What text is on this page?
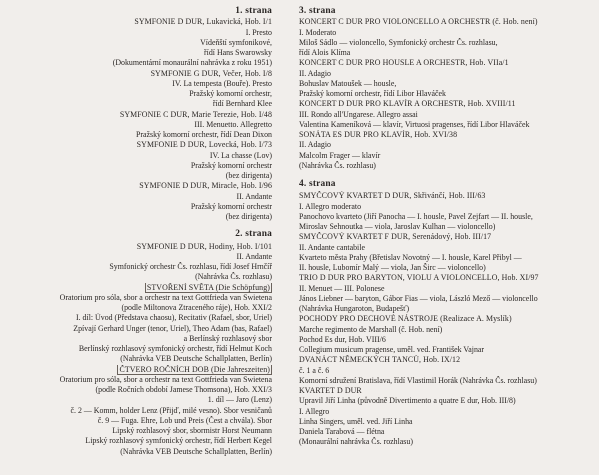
1. strana
SYMFONIE D DUR, Lukavická, Hob. I/1
I. Presto
Vídeňští symfonikové,
řídí Hans Swarowsky
(Dokumentární monaurální nahrávka z roku 1951)
SYMFONIE G DUR, Večer, Hob. I/8
IV. La tempesta (Bouře). Presto
Pražský komorní orchestr,
řídí Bernhard Klee
SYMFONIE C DUR, Marie Terezie, Hob. I/48
III. Menuetto. Allegretto
Pražský komorní orchestr, řídí Dean Dixon
SYMFONIE D DUR, Lovecká, Hob. I/73
IV. La chasse (Lov)
Pražský komorní orchestr
(bez dirigenta)
SYMFONIE D DUR, Miracle, Hob. I/96
II. Andante
Pražský komorní orchestr
(bez dirigenta)
2. strana
SYMFONIE D DUR, Hodiny, Hob. I/101
II. Andante
Symfonický orchestr Čs. rozhlasu, řídí Josef Hrnčíř
(Nahrávka Čs. rozhlasu)
STVOŘENÍ SVĚTA (Die Schöpfung)
Oratorium pro sóla, sbor a orchestr na text Gottfrieda van Swietena
(podle Miltonova Ztraceného ráje), Hob. XXI/2
I. díl: Úvod (Představa chaosu), Recitativ (Rafael, sbor, Uriel)
Zpívají Gerhard Unger (tenor, Uriel), Theo Adam (bas, Rafael)
a Berlínský rozhlasový sbor
Berlínský rozhlasový symfonický orchestr, řídí Helmut Koch
(Nahrávka VEB Deutsche Schallplatten, Berlín)
ČTVERO ROČNÍCH DOB (Die Jahreszeiten)
Oratorium pro sóla, sbor a orchestr na text Gottfrieda van Swietena
(podle Ročních období Jamese Thomsona), Hob. XXI/3
1. díl — Jaro (Lenz)
č. 2 — Komm, holder Lenz (Přijď, milé vesno). Sbor vesničanů
č. 9 — Fuga. Ehre, Lob und Preis (Čest a chvála). Sbor
Lipský rozhlasový sbor, sbormistr Horst Neumann
Lipský rozhlasový symfonický orchestr, řídí Herbert Kegel
(Nahrávka VEB Deutsche Schallplatten, Berlín)
3. strana
KONCERT C DUR PRO VIOLONCELLO A ORCHESTR (č. Hob. není)
I. Moderato
Miloš Sádlo — violoncello, Symfonický orchestr Čs. rozhlasu,
řídí Alois Klíma
KONCERT C DUR PRO HOUSLE A ORCHESTR, Hob. VIIa/1
II. Adagio
Bohuslav Matoušek — housle,
Pražský komorní orchestr, řídí Libor Hlaváček
KONCERT D DUR PRO KLAVÍR A ORCHESTR, Hob. XVIII/11
III. Rondo all'Ungarese. Allegro assai
Valentina Kameníková — klavír, Virtuosi pragenses, řídí Libor Hlaváček
SONÁTA ES DUR PRO KLAVÍR, Hob. XVI/38
II. Adagio
Malcolm Frager — klavír
(Nahrávka Čs. rozhlasu)
4. strana
SMYČCOVÝ KVARTET D DUR, Skřivánčí, Hob. III/63
I. Allegro moderato
Panochovo kvarteto (Jiří Panocha — I. housle, Pavel Zejfart — II. housle,
Miroslav Sehnoutka — viola, Jaroslav Kulhan — violoncello)
SMYČCOVÝ KVARTET F DUR, Serenádový, Hob. III/17
II. Andante cantabile
Kvarteto města Prahy (Břetislav Novotný — I. housle, Karel Přibyl —
II. housle, Lubomír Malý — viola, Jan Širc — violoncello)
TRIO D DUR PRO BARYTON, VIOLU A VIOLONCELLO, Hob. XI/97
II. Menuet — III. Polonese
János Liebner — baryton, Gábor Fias — viola, László Mező — violoncello
(Nahrávka Hungaroton, Budapešť)
POCHODY PRO DECHOVÉ NÁSTROJE (Realizace A. Myslík)
Marche regimento de Marshall (č. Hob. není)
Pochod Es dur, Hob. VIII/6
Collegium musicum pragense, uměl. ved. František Vajnar
DVANÁCT NĚMECKÝCH TANCŮ, Hob. IX/12
č. 1 a č. 6
Komorní sdružení Bratislava, řídí Vlastimil Horák (Nahrávka Čs. rozhlasu)
KVARTET D DUR
Upravil Jiří Linha (původně Divertimento a quatre E dur, Hob. III/8)
I. Allegro
Linha Singers, uměl. ved. Jiří Linha
Daniela Tarabová — flétna
(Monaurální nahrávka Čs. rozhlasu)
